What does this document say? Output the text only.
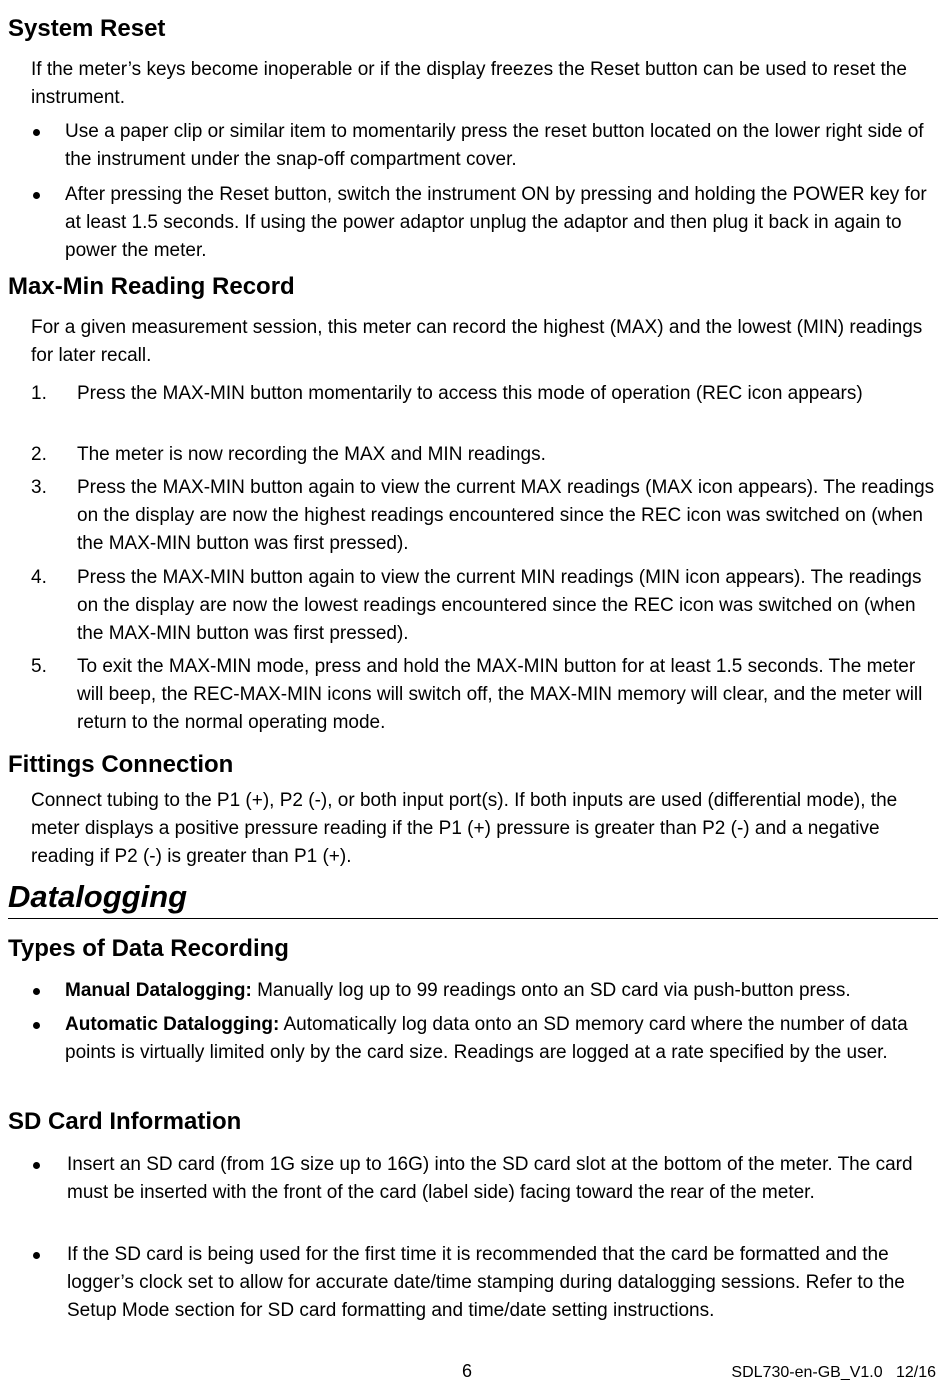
System Reset

If the meter’s keys become inoperable or if the display freezes the Reset button can be used to reset the instrument.

Use a paper clip or similar item to momentarily press the reset button located on the lower right side of the instrument under the snap-off compartment cover.
After pressing the Reset button, switch the instrument ON by pressing and holding the POWER key for at least 1.5 seconds. If using the power adaptor unplug the adaptor and then plug it back in again to power the meter.
Max-Min Reading Record

For a given measurement session, this meter can record the highest (MAX) and the lowest (MIN) readings for later recall.

1.	Press the MAX-MIN button momentarily to access this mode of operation (REC icon appears)
2.	The meter is now recording the MAX and MIN readings.
3.	Press the MAX-MIN button again to view the current MAX readings (MAX icon appears). The readings on the display are now the highest readings encountered since the REC icon was switched on (when the MAX-MIN button was first pressed).
4.	Press the MAX-MIN button again to view the current MIN readings (MIN icon appears). The readings on the display are now the lowest readings encountered since the REC icon was switched on (when the MAX-MIN button was first pressed).
5.	To exit the MAX-MIN mode, press and hold the MAX-MIN button for at least 1.5 seconds. The meter will beep, the REC-MAX-MIN icons will switch off, the MAX-MIN memory will clear, and the meter will return to the normal operating mode.
Fittings Connection

Connect tubing to the P1 (+), P2 (-), or both input port(s). If both inputs are used (differential mode), the meter displays a positive pressure reading if the P1 (+) pressure is greater than P2 (-) and a negative reading if P2 (-) is greater than P1 (+).

Datalogging
Types of Data Recording
Manual Datalogging: Manually log up to 99 readings onto an SD card via push-button press.
Automatic Datalogging: Automatically log data onto an SD memory card where the number of data points is virtually limited only by the card size. Readings are logged at a rate specified by the user.
SD Card Information
Insert an SD card (from 1G size up to 16G) into the SD card slot at the bottom of the meter. The card must be inserted with the front of the card (label side) facing toward the rear of the meter.
If the SD card is being used for the first time it is recommended that the card be formatted and the logger’s clock set to allow for accurate date/time stamping during datalogging sessions. Refer to the Setup Mode section for SD card formatting and time/date setting instructions.
6	SDL730-en-GB_V1.0   12/16
